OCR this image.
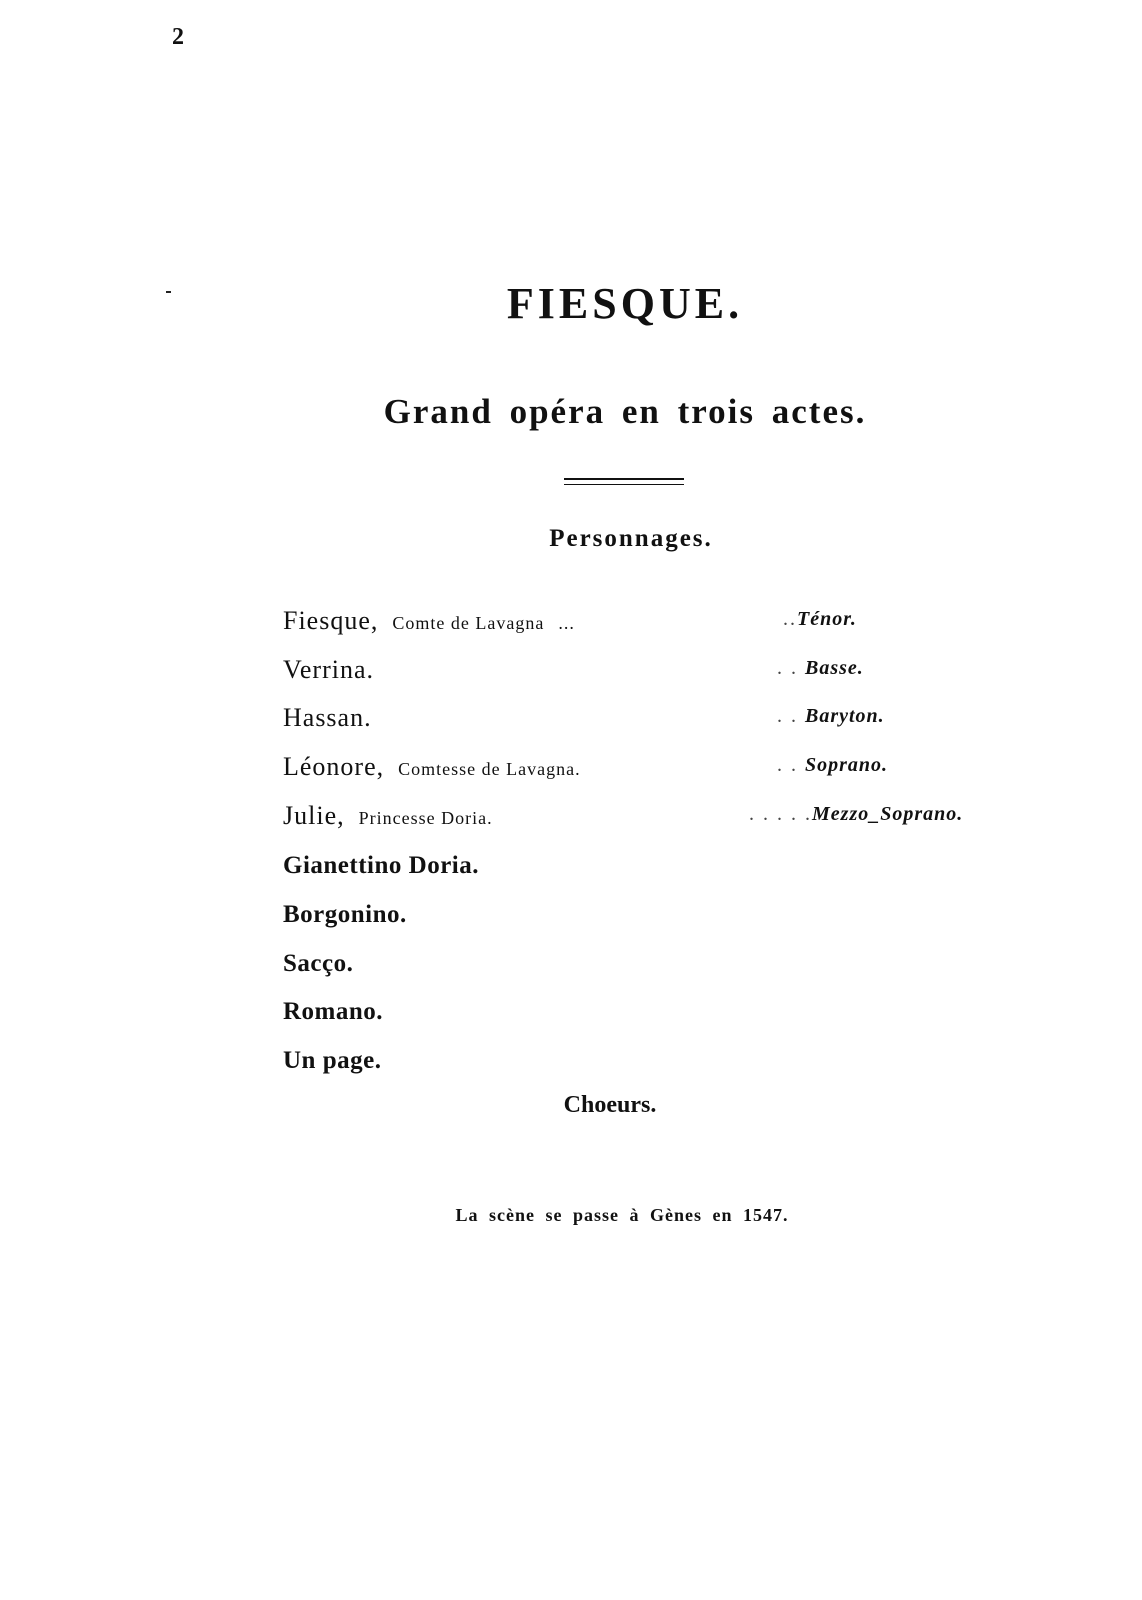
2
FIESQUE.
Grand opéra en trois actes.
Personnages.
Fiesque, Comte de Lavagna ...	..Ténor.
Verrina.	. . Basse.
Hassan.	. . Baryton.
Léonore, Comtesse de Lavagna.	. . Soprano.
Julie, Princesse Doria.	. . . . .Mezzo_Soprano.
Gianettino Doria.
Borgonino.
Sacço.
Romano.
Un page.
Choeurs.
La scène se passe à Gènes en 1547.
